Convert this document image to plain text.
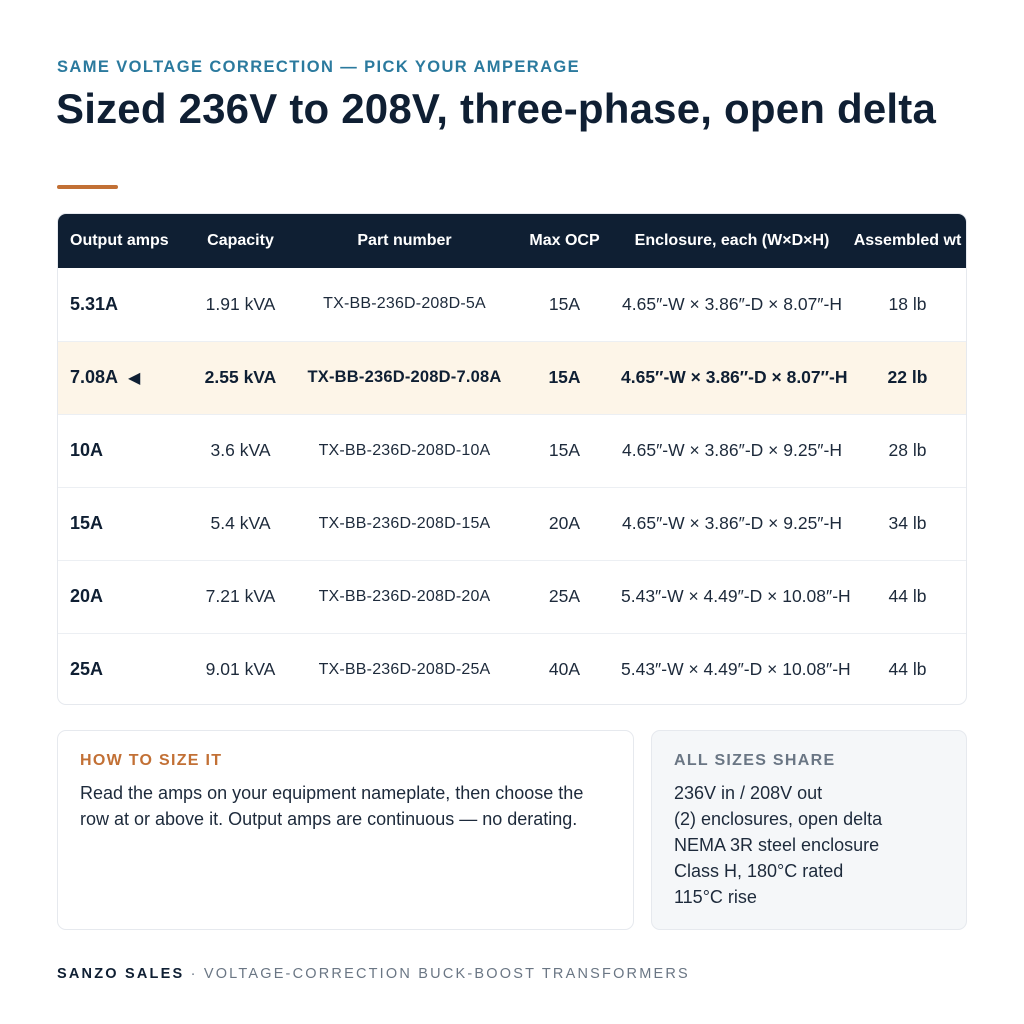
SAME VOLTAGE CORRECTION — PICK YOUR AMPERAGE
Sized 236V to 208V, three-phase, open delta
Output amps	Capacity	Part number	Max OCP	Enclosure, each (W×D×H)	Assembled wt
5.31A	1.91 kVA	TX-BB-236D-208D-5A	15A	4.65″-W × 3.86″-D × 8.07″-H	18 lb
7.08A ◀	2.55 kVA	TX-BB-236D-208D-7.08A	15A	4.65″-W × 3.86″-D × 8.07″-H	22 lb
10A	3.6 kVA	TX-BB-236D-208D-10A	15A	4.65″-W × 3.86″-D × 9.25″-H	28 lb
15A	5.4 kVA	TX-BB-236D-208D-15A	20A	4.65″-W × 3.86″-D × 9.25″-H	34 lb
20A	7.21 kVA	TX-BB-236D-208D-20A	25A	5.43″-W × 4.49″-D × 10.08″-H	44 lb
25A	9.01 kVA	TX-BB-236D-208D-25A	40A	5.43″-W × 4.49″-D × 10.08″-H	44 lb
HOW TO SIZE IT

Read the amps on your equipment nameplate, then choose the row at or above it. Output amps are continuous — no derating.

ALL SIZES SHARE
236V in / 208V out
(2) enclosures, open delta
NEMA 3R steel enclosure
Class H, 180°C rated
115°C rise
SANZO SALES · VOLTAGE-CORRECTION BUCK-BOOST TRANSFORMERS
